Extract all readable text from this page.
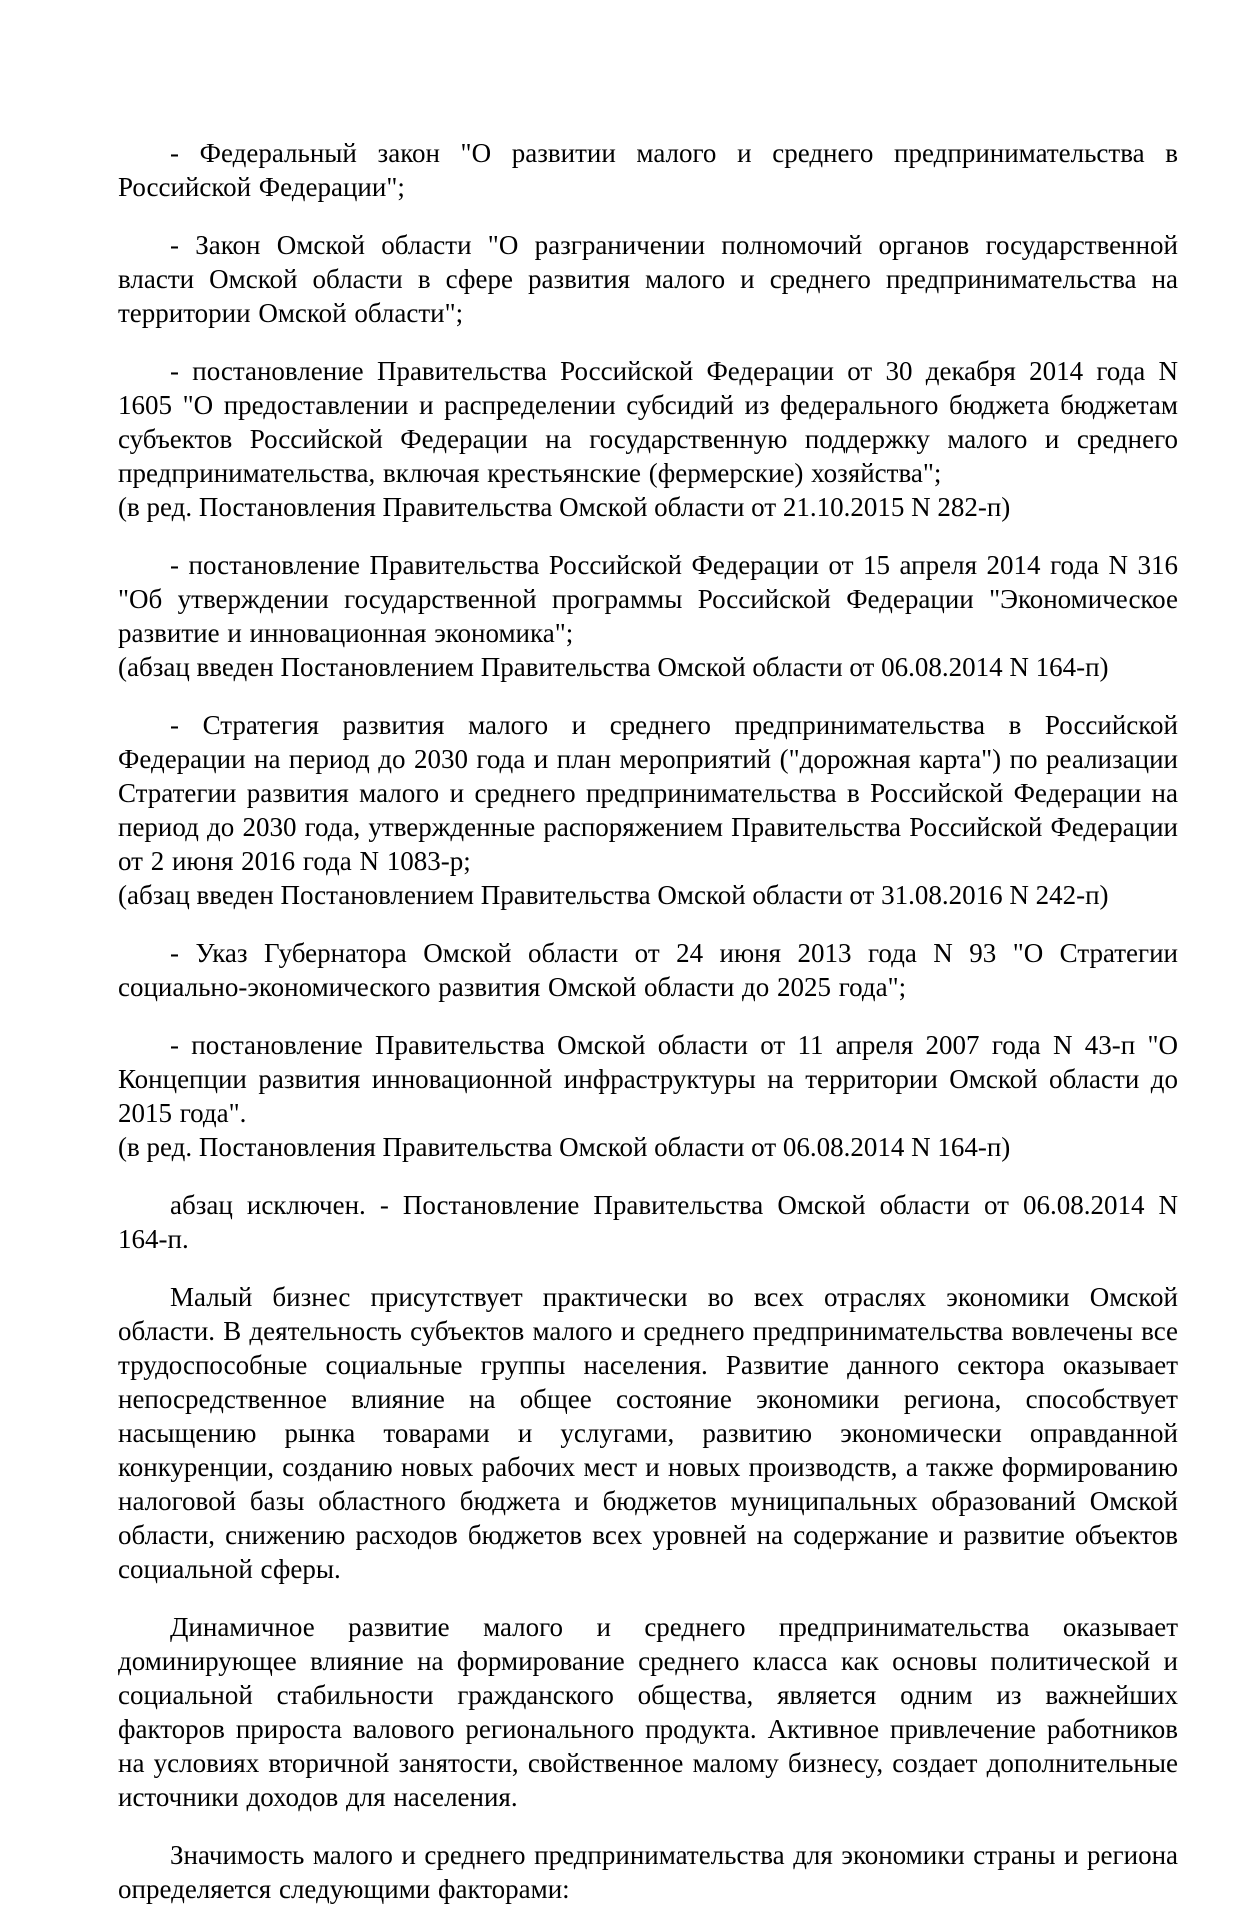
- Федеральный закон "О развитии малого и среднего предпринимательства в Российской Федерации";

- Закон Омской области "О разграничении полномочий органов государственной власти Омской области в сфере развития малого и среднего предпринимательства на территории Омской области";

- постановление Правительства Российской Федерации от 30 декабря 2014 года N 1605 "О предоставлении и распределении субсидий из федерального бюджета бюджетам субъектов Российской Федерации на государственную поддержку малого и среднего предпринимательства, включая крестьянские (фермерские) хозяйства";

(в ред. Постановления Правительства Омской области от 21.10.2015 N 282-п)

- постановление Правительства Российской Федерации от 15 апреля 2014 года N 316 "Об утверждении государственной программы Российской Федерации "Экономическое развитие и инновационная экономика";

(абзац введен Постановлением Правительства Омской области от 06.08.2014 N 164-п)

- Стратегия развития малого и среднего предпринимательства в Российской Федерации на период до 2030 года и план мероприятий ("дорожная карта") по реализации Стратегии развития малого и среднего предпринимательства в Российской Федерации на период до 2030 года, утвержденные распоряжением Правительства Российской Федерации от 2 июня 2016 года N 1083-р;

(абзац введен Постановлением Правительства Омской области от 31.08.2016 N 242-п)

- Указ Губернатора Омской области от 24 июня 2013 года N 93 "О Стратегии социально-экономического развития Омской области до 2025 года";

- постановление Правительства Омской области от 11 апреля 2007 года N 43-п "О Концепции развития инновационной инфраструктуры на территории Омской области до 2015 года".

(в ред. Постановления Правительства Омской области от 06.08.2014 N 164-п)

абзац исключен. - Постановление Правительства Омской области от 06.08.2014 N 164-п.

Малый бизнес присутствует практически во всех отраслях экономики Омской области. В деятельность субъектов малого и среднего предпринимательства вовлечены все трудоспособные социальные группы населения. Развитие данного сектора оказывает непосредственное влияние на общее состояние экономики региона, способствует насыщению рынка товарами и услугами, развитию экономически оправданной конкуренции, созданию новых рабочих мест и новых производств, а также формированию налоговой базы областного бюджета и бюджетов муниципальных образований Омской области, снижению расходов бюджетов всех уровней на содержание и развитие объектов социальной сферы.

Динамичное развитие малого и среднего предпринимательства оказывает доминирующее влияние на формирование среднего класса как основы политической и социальной стабильности гражданского общества, является одним из важнейших факторов прироста валового регионального продукта. Активное привлечение работников на условиях вторичной занятости, свойственное малому бизнесу, создает дополнительные источники доходов для населения.

Значимость малого и среднего предпринимательства для экономики страны и региона определяется следующими факторами:
